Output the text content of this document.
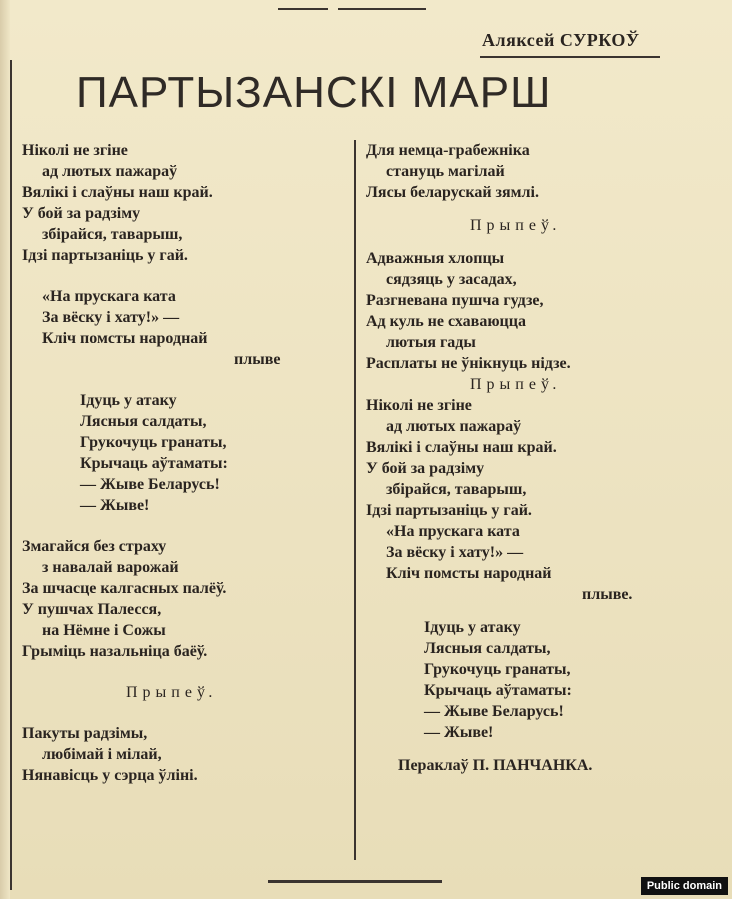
Аляксей СУРКОЎ
ПАРТЫЗАНСКІ МАРШ
Ніколі не згіне
ад лютых пажараў
Вялікі і слаўны наш край.
У бой за радзіму
збірайся, таварыш,
Ідзі партызаніць у гай.
«На прускага ката
За вёску і хату!» —
Кліч помсты народнай
плыве
Ідуць у атаку
Лясныя салдаты,
Грукочуць гранаты,
Крычаць аўтаматы:
— Жыве Беларусь!
— Жыве!
Змагайся без страху
з навалай варожай
За шчасце калгасных палёў.
У пушчах Палесся,
на Нёмне і Сожы
Грыміць назальніца баёў.
Прыпеў.
Пакуты радзімы,
любімай і мілай,
Нянавісць у сэрца ўліні.
Для немца-грабежніка
стануць магілай
Лясы беларускай зямлі.
Прыпеў.
Адважныя хлопцы
сядзяць у засадах,
Разгневана пушча гудзе,
Ад куль не схаваюцца
лютыя гады
Расплаты не ўнікнуць нідзе.
Прыпеў.
Ніколі не згіне
ад лютых пажараў
Вялікі і слаўны наш край.
У бой за радзіму
збірайся, таварыш,
Ідзі партызаніць у гай.
«На прускага ката
За вёску і хату!» —
Кліч помсты народнай
плыве.
Ідуць у атаку
Лясныя салдаты,
Грукочуць гранаты,
Крычаць аўтаматы:
— Жыве Беларусь!
— Жыве!
Пераклаў П. ПАНЧАНКА.
Public domain
